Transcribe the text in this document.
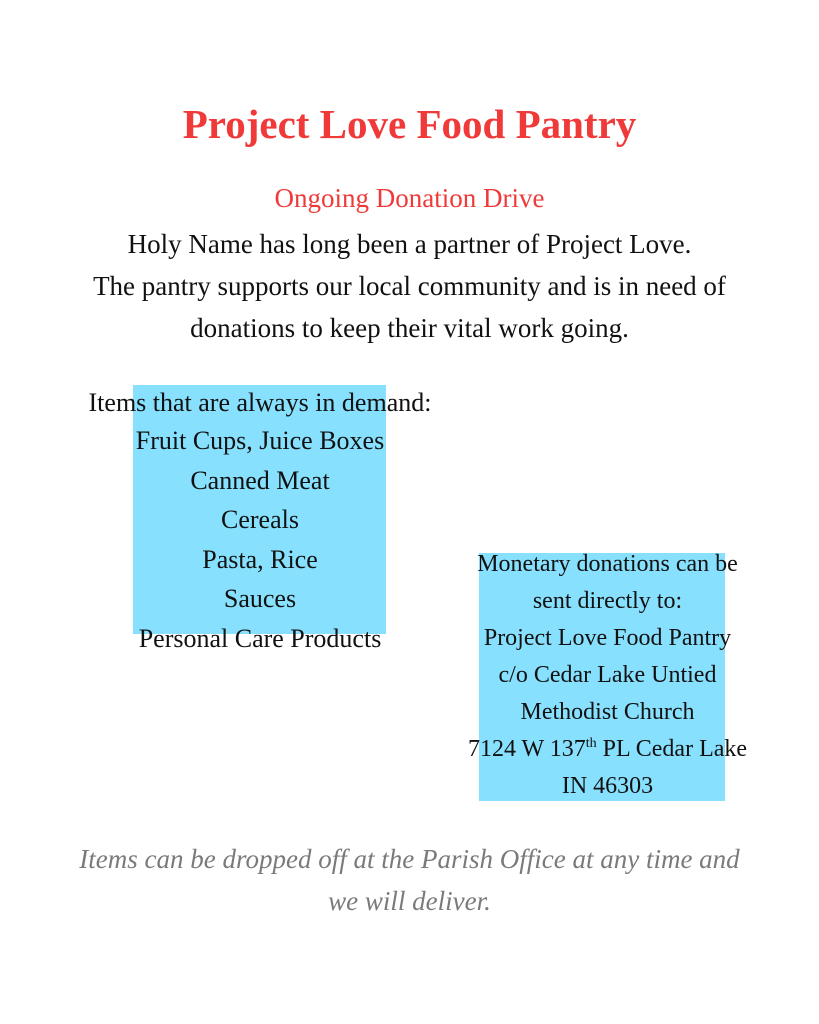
Project Love Food Pantry
Ongoing Donation Drive
Holy Name has long been a partner of Project Love.
The pantry supports our local community and is in need of
donations to keep their vital work going.
Items that are always in demand:
Fruit Cups, Juice Boxes
Canned Meat
Cereals
Pasta, Rice
Sauces
Personal Care Products
Monetary donations can be
sent directly to:
Project Love Food Pantry
c/o Cedar Lake Untied
Methodist Church
7124 W 137th PL Cedar Lake
IN 46303
Items can be dropped off at the Parish Office at any time and
we will deliver.
